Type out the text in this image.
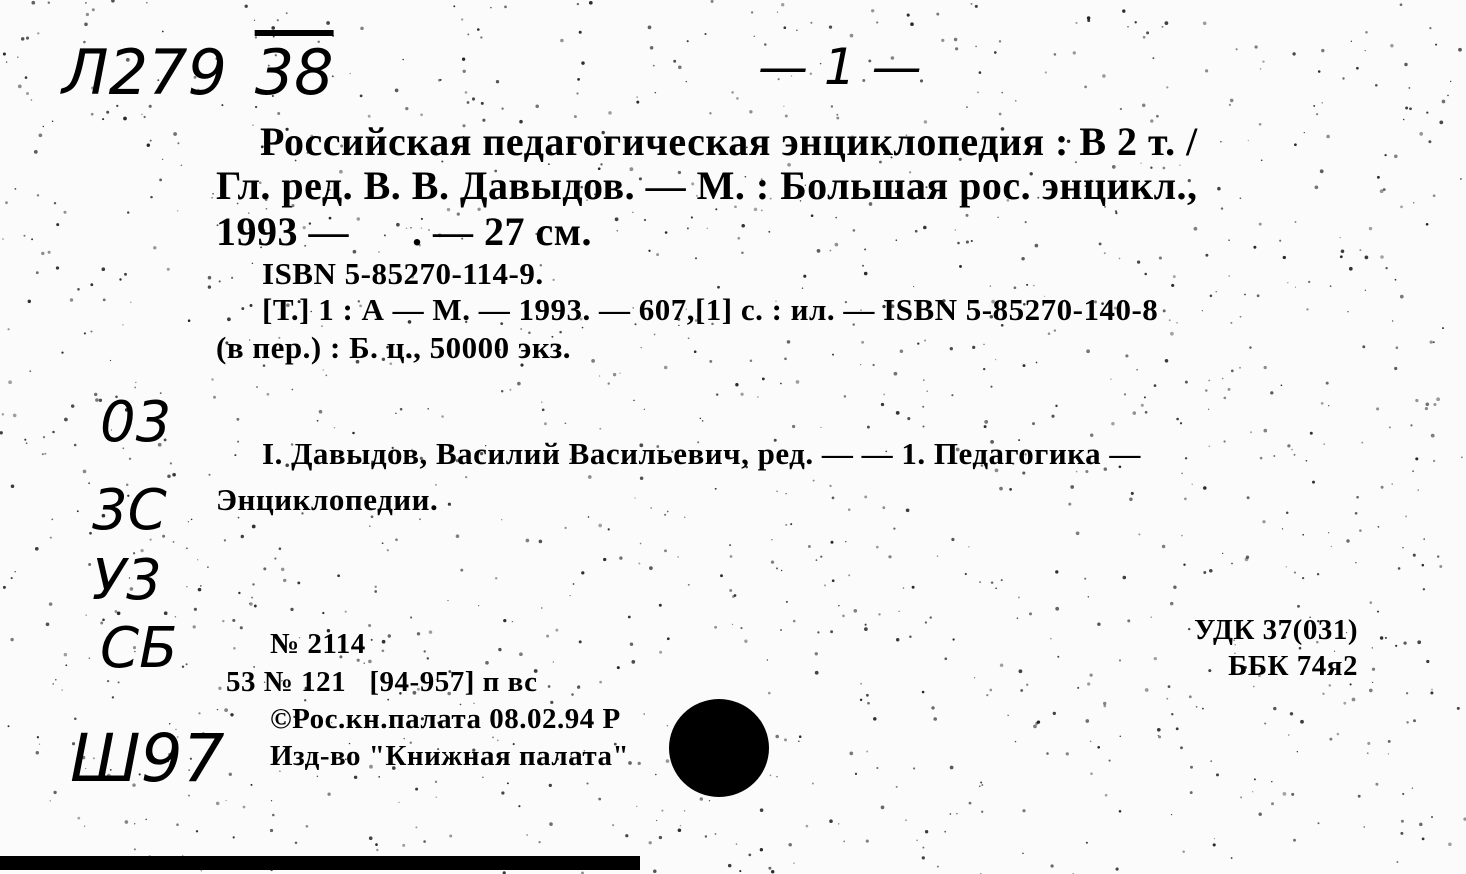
Л279 38	— 1 —
03
3С
У3
СБ
Ш97
Российская педагогическая энциклопедия : В 2 т. /
Гл. ред. В. В. Давыдов. — М. : Большая рос. энцикл.,
1993 —      . — 27 см.
ISBN 5-85270-114-9.
[Т.] 1 : А — М. — 1993. — 607,[1] с. : ил. — ISBN 5-85270-140-8
(в пер.) : Б. ц., 50000 экз.
I. Давыдов, Василий Васильевич, ред. — — 1. Педагогика —
Энциклопедии.
№ 2114
53 № 121   [94-957] п вс
©Рос.кн.палата 08.02.94 Р
Изд-во "Книжная палата"
УДК 37(031)
ББК 74я2
